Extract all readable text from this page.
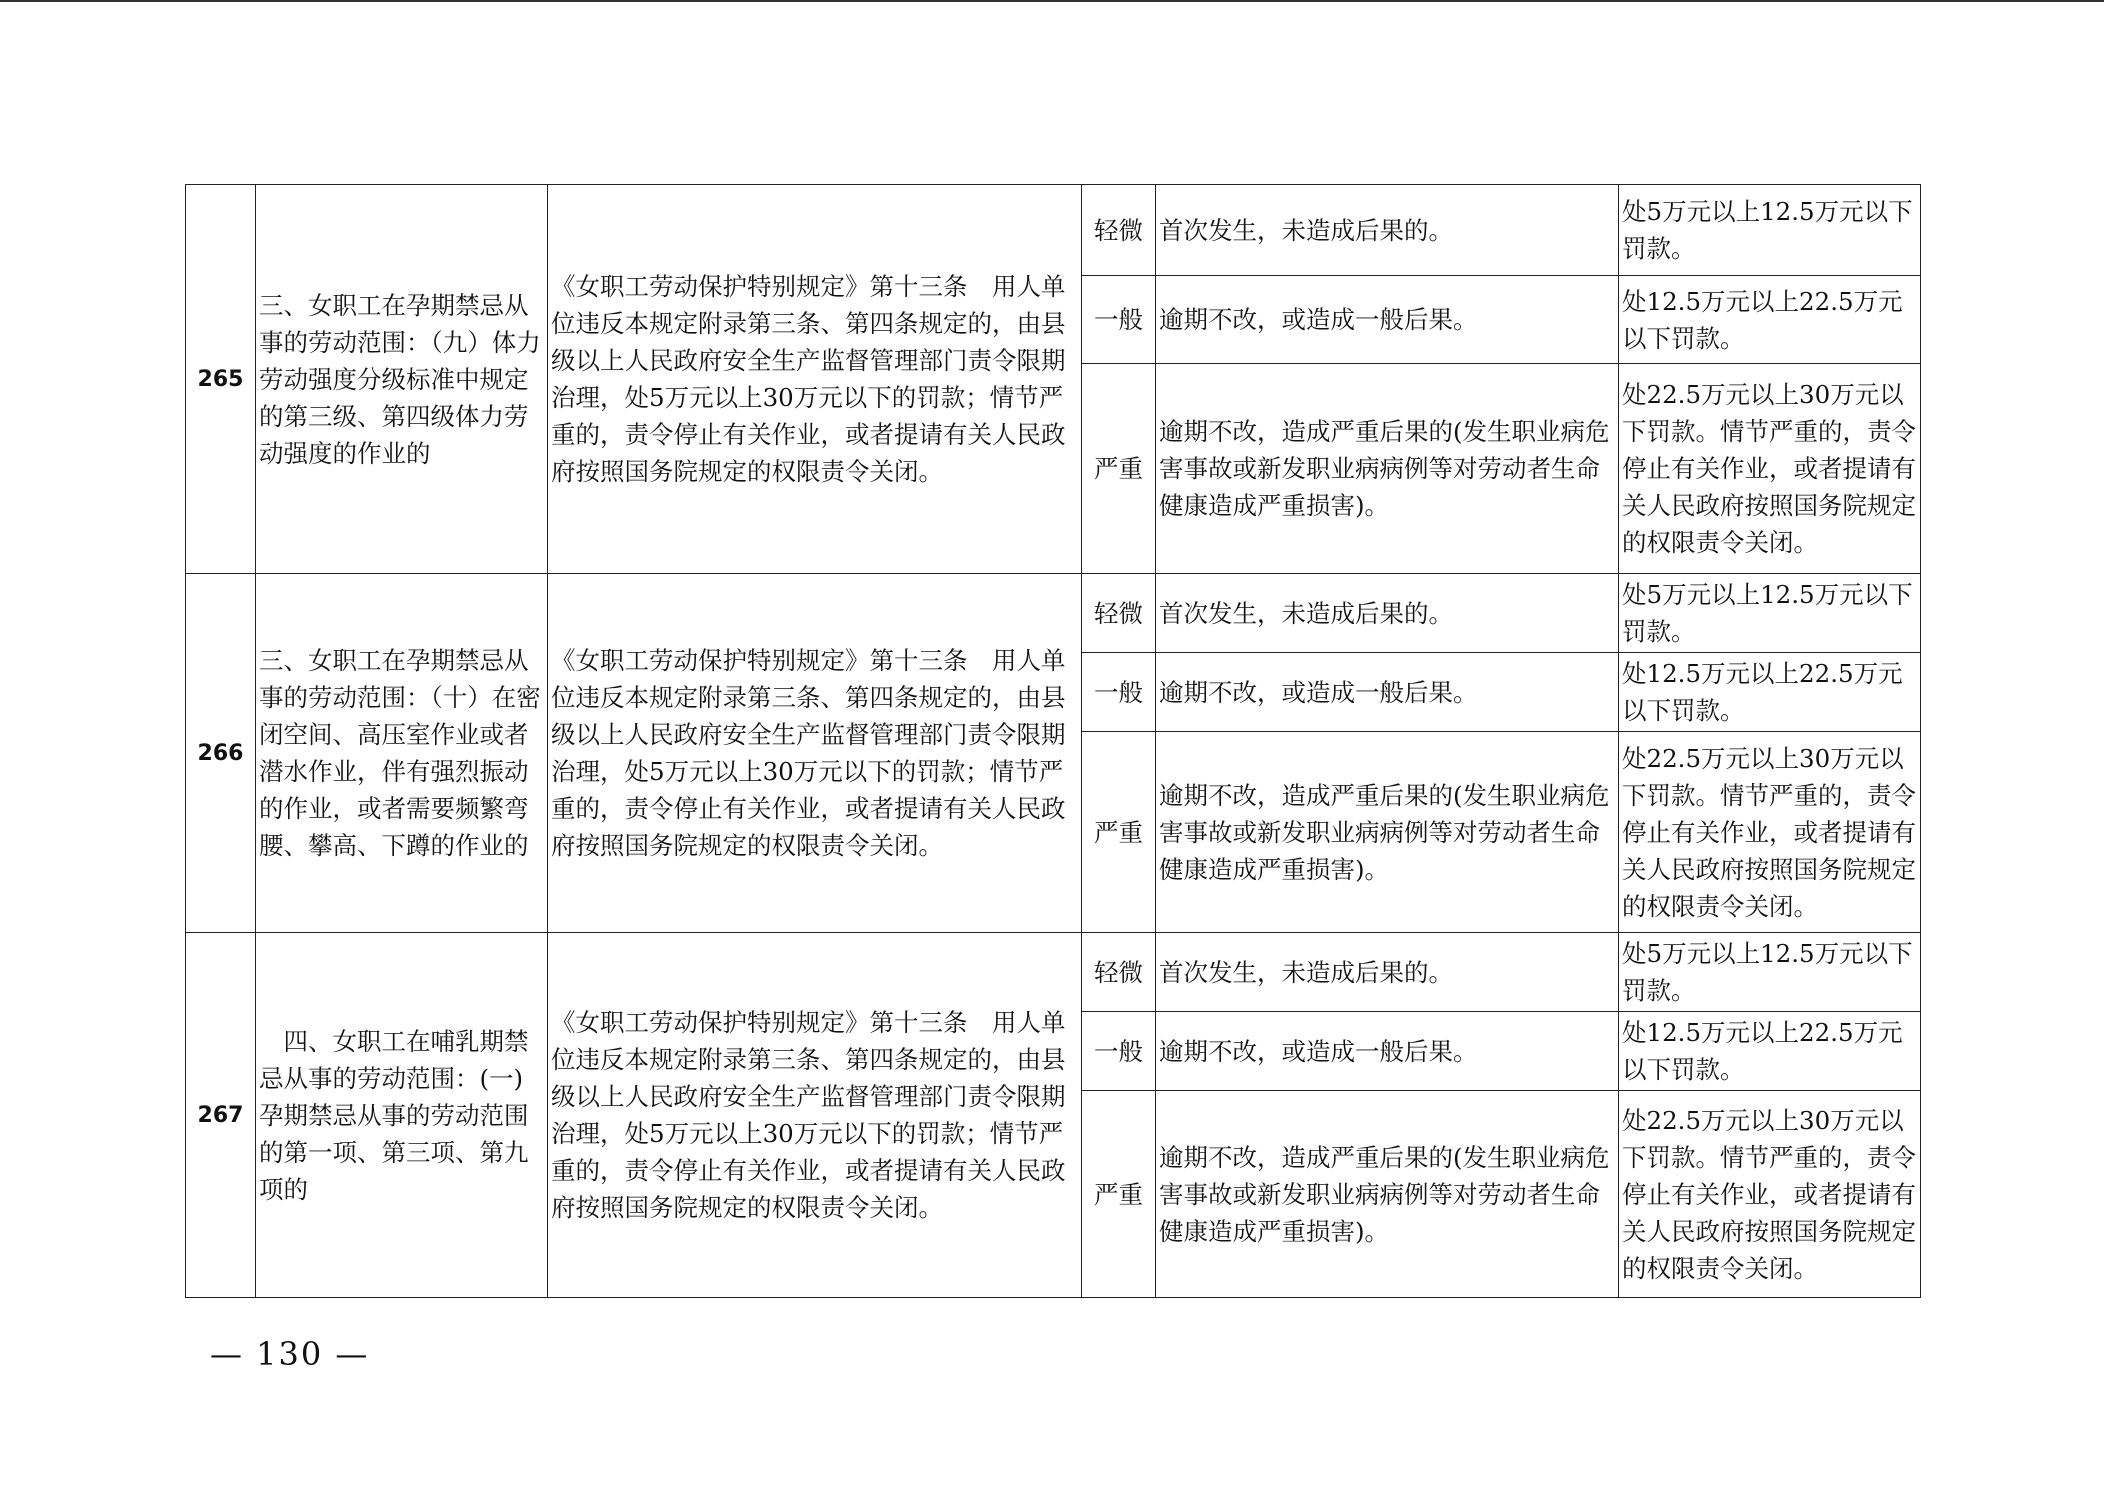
265	三、女职工在孕期禁忌从事的劳动范围：（九）体力劳动强度分级标准中规定的第三级、第四级体力劳动强度的作业的	《女职工劳动保护特别规定》第十三条　用人单位违反本规定附录第三条、第四条规定的，由县级以上人民政府安全生产监督管理部门责令限期治理，处5万元以上30万元以下的罚款；情节严重的，责令停止有关作业，或者提请有关人民政府按照国务院规定的权限责令关闭。	轻微	首次发生，未造成后果的。	处5万元以上12.5万元以下罚款。
			一般	逾期不改，或造成一般后果。	处12.5万元以上22.5万元以下罚款。
			严重	逾期不改，造成严重后果的(发生职业病危害事故或新发职业病病例等对劳动者生命健康造成严重损害)。	处22.5万元以上30万元以下罚款。情节严重的，责令停止有关作业，或者提请有关人民政府按照国务院规定的权限责令关闭。
266	三、女职工在孕期禁忌从事的劳动范围：（十）在密闭空间、高压室作业或者潜水作业，伴有强烈振动的作业，或者需要频繁弯腰、攀高、下蹲的作业的	《女职工劳动保护特别规定》第十三条　用人单位违反本规定附录第三条、第四条规定的，由县级以上人民政府安全生产监督管理部门责令限期治理，处5万元以上30万元以下的罚款；情节严重的，责令停止有关作业，或者提请有关人民政府按照国务院规定的权限责令关闭。	轻微	首次发生，未造成后果的。	处5万元以上12.5万元以下罚款。
			一般	逾期不改，或造成一般后果。	处12.5万元以上22.5万元以下罚款。
			严重	逾期不改，造成严重后果的(发生职业病危害事故或新发职业病病例等对劳动者生命健康造成严重损害)。	处22.5万元以上30万元以下罚款。情节严重的，责令停止有关作业，或者提请有关人民政府按照国务院规定的权限责令关闭。
267	四、女职工在哺乳期禁忌从事的劳动范围：(一)孕期禁忌从事的劳动范围的第一项、第三项、第九项的	《女职工劳动保护特别规定》第十三条　用人单位违反本规定附录第三条、第四条规定的，由县级以上人民政府安全生产监督管理部门责令限期治理，处5万元以上30万元以下的罚款；情节严重的，责令停止有关作业，或者提请有关人民政府按照国务院规定的权限责令关闭。	轻微	首次发生，未造成后果的。	处5万元以上12.5万元以下罚款。
			一般	逾期不改，或造成一般后果。	处12.5万元以上22.5万元以下罚款。
			严重	逾期不改，造成严重后果的(发生职业病危害事故或新发职业病病例等对劳动者生命健康造成严重损害)。	处22.5万元以上30万元以下罚款。情节严重的，责令停止有关作业，或者提请有关人民政府按照国务院规定的权限责令关闭。
— 130 —
